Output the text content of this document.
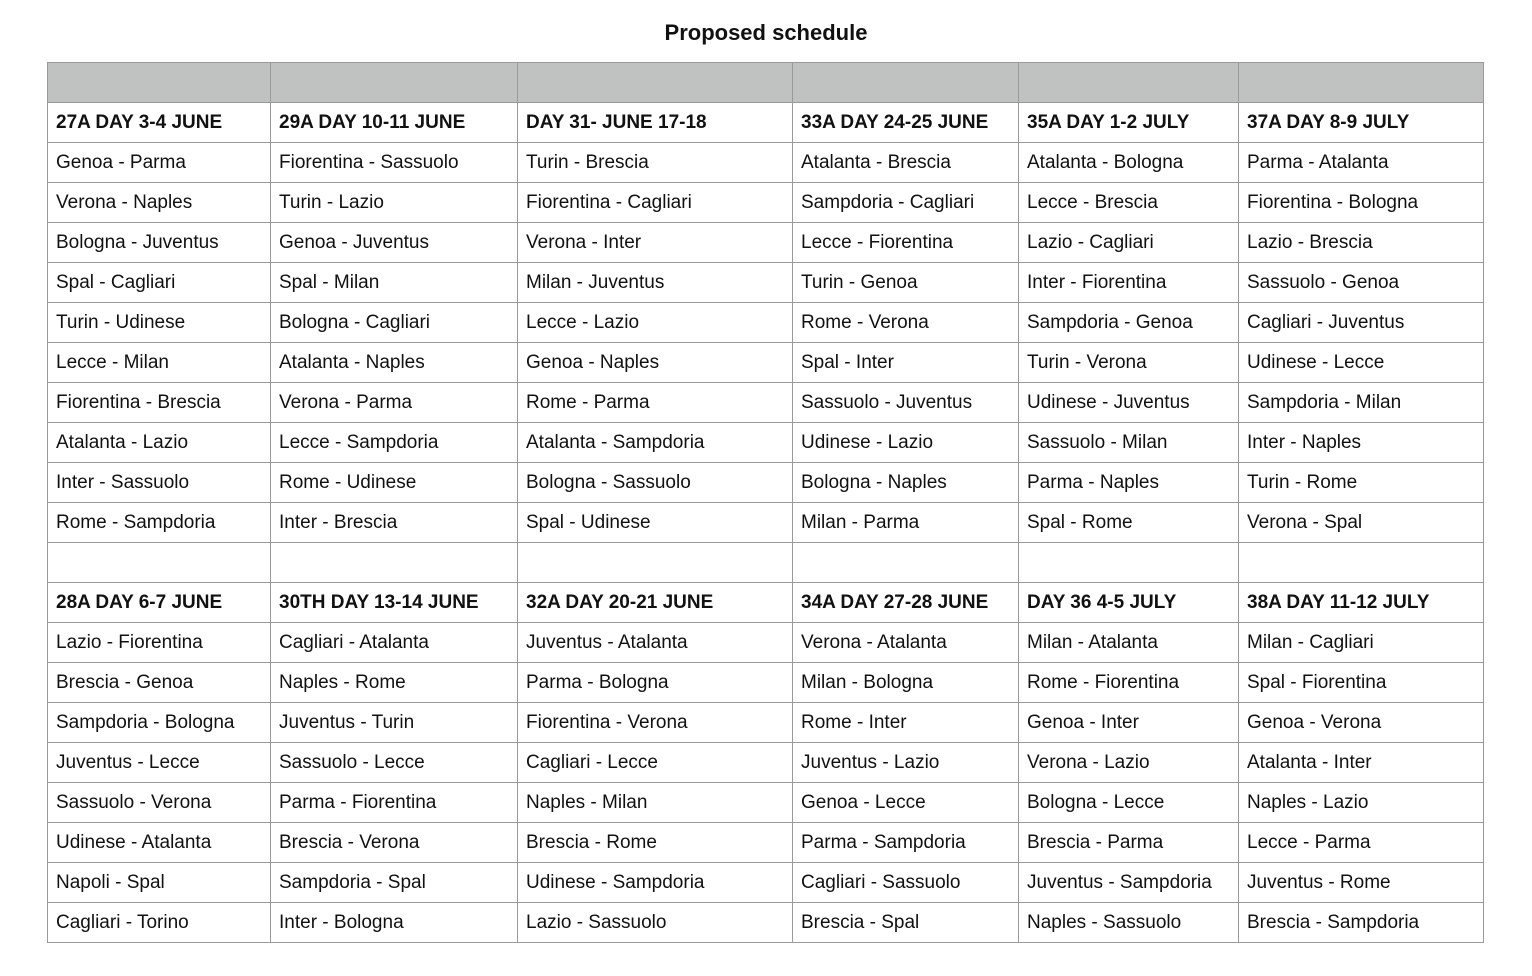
Proposed schedule

27A DAY 3-4 JUNE	29A DAY 10-11 JUNE	DAY 31- JUNE 17-18	33A DAY 24-25 JUNE	35A DAY 1-2 JULY	37A DAY 8-9 JULY
Genoa - Parma	Fiorentina - Sassuolo	Turin - Brescia	Atalanta - Brescia	Atalanta - Bologna	Parma - Atalanta
Verona - Naples	Turin - Lazio	Fiorentina - Cagliari	Sampdoria - Cagliari	Lecce - Brescia	Fiorentina - Bologna
Bologna - Juventus	Genoa - Juventus	Verona - Inter	Lecce - Fiorentina	Lazio - Cagliari	Lazio - Brescia
Spal - Cagliari	Spal - Milan	Milan - Juventus	Turin - Genoa	Inter - Fiorentina	Sassuolo - Genoa
Turin - Udinese	Bologna - Cagliari	Lecce - Lazio	Rome - Verona	Sampdoria - Genoa	Cagliari - Juventus
Lecce - Milan	Atalanta - Naples	Genoa - Naples	Spal - Inter	Turin - Verona	Udinese - Lecce
Fiorentina - Brescia	Verona - Parma	Rome - Parma	Sassuolo - Juventus	Udinese - Juventus	Sampdoria - Milan
Atalanta - Lazio	Lecce - Sampdoria	Atalanta - Sampdoria	Udinese - Lazio	Sassuolo - Milan	Inter - Naples
Inter - Sassuolo	Rome - Udinese	Bologna - Sassuolo	Bologna - Naples	Parma - Naples	Turin - Rome
Rome - Sampdoria	Inter - Brescia	Spal - Udinese	Milan - Parma	Spal - Rome	Verona - Spal

28A DAY 6-7 JUNE	30TH DAY 13-14 JUNE	32A DAY 20-21 JUNE	34A DAY 27-28 JUNE	DAY 36 4-5 JULY	38A DAY 11-12 JULY
Lazio - Fiorentina	Cagliari - Atalanta	Juventus - Atalanta	Verona - Atalanta	Milan - Atalanta	Milan - Cagliari
Brescia - Genoa	Naples - Rome	Parma - Bologna	Milan - Bologna	Rome - Fiorentina	Spal - Fiorentina
Sampdoria - Bologna	Juventus - Turin	Fiorentina - Verona	Rome - Inter	Genoa - Inter	Genoa - Verona
Juventus - Lecce	Sassuolo - Lecce	Cagliari - Lecce	Juventus - Lazio	Verona - Lazio	Atalanta - Inter
Sassuolo - Verona	Parma - Fiorentina	Naples - Milan	Genoa - Lecce	Bologna - Lecce	Naples - Lazio
Udinese - Atalanta	Brescia - Verona	Brescia - Rome	Parma - Sampdoria	Brescia - Parma	Lecce - Parma
Napoli - Spal	Sampdoria - Spal	Udinese - Sampdoria	Cagliari - Sassuolo	Juventus - Sampdoria	Juventus - Rome
Cagliari - Torino	Inter - Bologna	Lazio - Sassuolo	Brescia - Spal	Naples - Sassuolo	Brescia - Sampdoria
